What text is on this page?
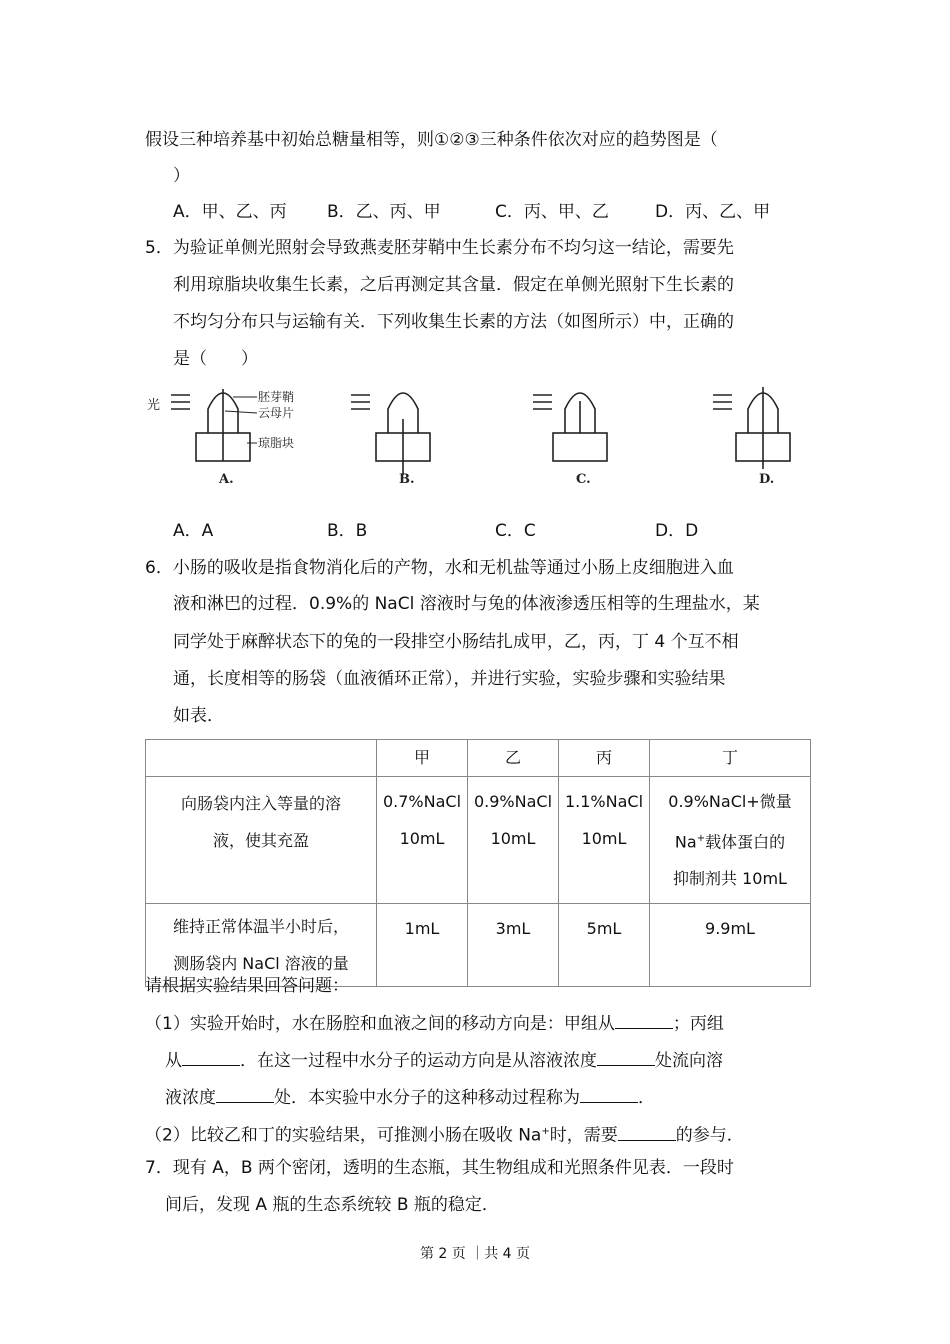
假设三种培养基中初始总糖量相等，则①②③三种条件依次对应的趋势图是（
）
A．甲、乙、丙 B．乙、丙、甲	C．丙、甲、乙	D．丙、乙、甲
5．为验证单侧光照射会导致燕麦胚芽鞘中生长素分布不均匀这一结论，需要先
利用琼脂块收集生长素，之后再测定其含量．假定在单侧光照射下生长素的
不均匀分布只与运输有关．下列收集生长素的方法（如图所示）中，正确的
是（　　）
光
胚芽鞘
云母片
琼脂块
A.	B.	C.	D.
A．A	B．B	C．C	D．D
6．小肠的吸收是指食物消化后的产物，水和无机盐等通过小肠上皮细胞进入血
液和淋巴的过程．0.9%的 NaCl 溶液时与兔的体液渗透压相等的生理盐水，某
同学处于麻醉状态下的兔的一段排空小肠结扎成甲，乙，丙，丁 4 个互不相
通，长度相等的肠袋（血液循环正常），并进行实验，实验步骤和实验结果
如表．
	甲	乙	丙	丁
向肠袋内注入等量的溶液，使其充盈	0.7%NaCl 10mL	0.9%NaCl 10mL	1.1%NaCl 10mL	0.9%NaCl+微量 Na+载体蛋白的抑制剂共 10mL
维持正常体温半小时后，测肠袋内 NaCl 溶液的量	1mL	3mL	5mL	9.9mL
请根据实验结果回答问题：
（1）实验开始时，水在肠腔和血液之间的移动方向是：甲组从	；丙组
从	．在这一过程中水分子的运动方向是从溶液浓度	处流向溶
液浓度	处．本实验中水分子的这种移动过程称为	．
（2）比较乙和丁的实验结果，可推测小肠在吸收 Na+时，需要	的参与．
7．现有 A，B 两个密闭，透明的生态瓶，其生物组成和光照条件见表．一段时
间后，发现 A 瓶的生态系统较 B 瓶的稳定．
第 2 页 ｜共 4 页
